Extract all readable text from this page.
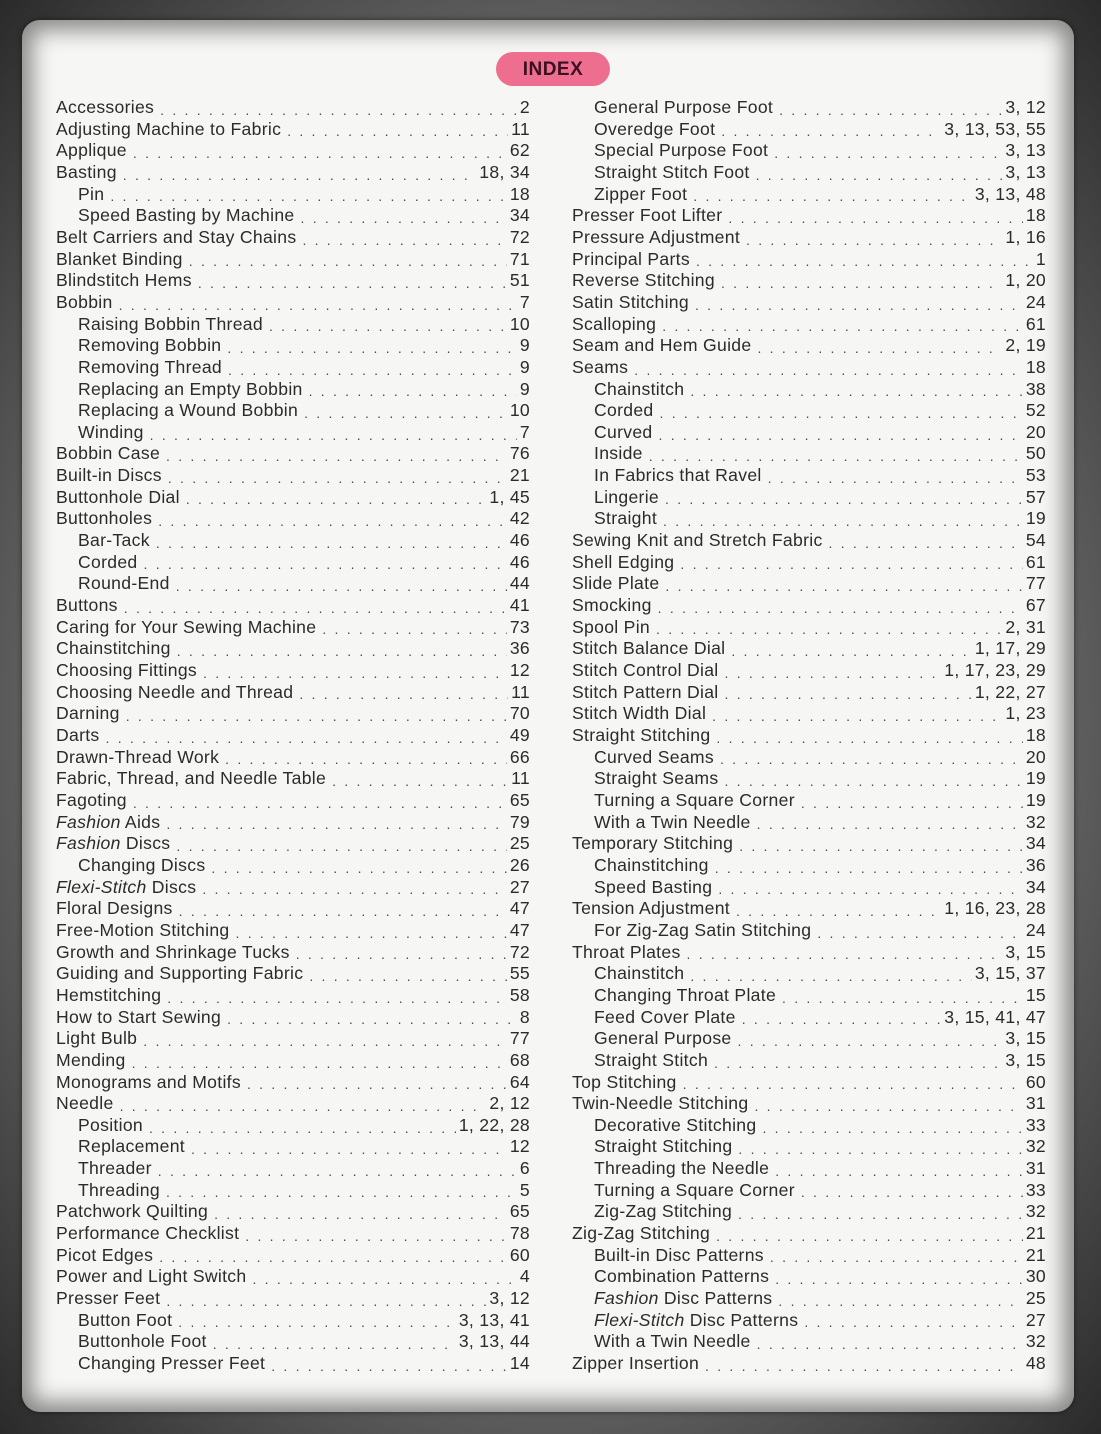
INDEX
Accessories . . .	2
Adjusting Machine to Fabric . . .	11
Applique . . .	62
Basting . . .	18, 34
Pin . . .	18
Speed Basting by Machine . . .	34
Belt Carriers and Stay Chains . . .	72
Blanket Binding . . .	71
Blindstitch Hems . . .	51
Bobbin . . .	7
Raising Bobbin Thread . . .	10
Removing Bobbin . . .	9
Removing Thread . . .	9
Replacing an Empty Bobbin . . .	9
Replacing a Wound Bobbin . . .	10
Winding . . .	7
Bobbin Case . . .	76
Built-in Discs . . .	21
Buttonhole Dial . . .	1, 45
Buttonholes . . .	42
Bar-Tack . . .	46
Corded . . .	46
Round-End . . .	44
Buttons . . .	41
Caring for Your Sewing Machine . . .	73
Chainstitching . . .	36
Choosing Fittings . . .	12
Choosing Needle and Thread . . .	11
Darning . . .	70
Darts . . .	49
Drawn-Thread Work . . .	66
Fabric, Thread, and Needle Table . . .	11
Fagoting . . .	65
Fashion Aids . . .	79
Fashion Discs . . .	25
Changing Discs . . .	26
Flexi-Stitch Discs . . .	27
Floral Designs . . .	47
Free-Motion Stitching . . .	47
Growth and Shrinkage Tucks . . .	72
Guiding and Supporting Fabric . . .	55
Hemstitching . . .	58
How to Start Sewing . . .	8
Light Bulb . . .	77
Mending . . .	68
Monograms and Motifs . . .	64
Needle . . .	2, 12
Position . . .	1, 22, 28
Replacement . . .	12
Threader . . .	6
Threading . . .	5
Patchwork Quilting . . .	65
Performance Checklist . . .	78
Picot Edges . . .	60
Power and Light Switch . . .	4
Presser Feet . . .	3, 12
Button Foot . . .	3, 13, 41
Buttonhole Foot . . .	3, 13, 44
Changing Presser Feet . . .	14
General Purpose Foot . . .	3, 12
Overedge Foot . . .	3, 13, 53, 55
Special Purpose Foot . . .	3, 13
Straight Stitch Foot . . .	3, 13
Zipper Foot . . .	3, 13, 48
Presser Foot Lifter . . .	18
Pressure Adjustment . . .	1, 16
Principal Parts . . .	1
Reverse Stitching . . .	1, 20
Satin Stitching . . .	24
Scalloping . . .	61
Seam and Hem Guide . . .	2, 19
Seams . . .	18
Chainstitch . . .	38
Corded . . .	52
Curved . . .	20
Inside . . .	50
In Fabrics that Ravel . . .	53
Lingerie . . .	57
Straight . . .	19
Sewing Knit and Stretch Fabric . . .	54
Shell Edging . . .	61
Slide Plate . . .	77
Smocking . . .	67
Spool Pin . . .	2, 31
Stitch Balance Dial . . .	1, 17, 29
Stitch Control Dial . . .	1, 17, 23, 29
Stitch Pattern Dial . . .	1, 22, 27
Stitch Width Dial . . .	1, 23
Straight Stitching . . .	18
Curved Seams . . .	20
Straight Seams . . .	19
Turning a Square Corner . . .	19
With a Twin Needle . . .	32
Temporary Stitching . . .	34
Chainstitching . . .	36
Speed Basting . . .	34
Tension Adjustment . . .	1, 16, 23, 28
For Zig-Zag Satin Stitching . . .	24
Throat Plates . . .	3, 15
Chainstitch . . .	3, 15, 37
Changing Throat Plate . . .	15
Feed Cover Plate . . .	3, 15, 41, 47
General Purpose . . .	3, 15
Straight Stitch . . .	3, 15
Top Stitching . . .	60
Twin-Needle Stitching . . .	31
Decorative Stitching . . .	33
Straight Stitching . . .	32
Threading the Needle . . .	31
Turning a Square Corner . . .	33
Zig-Zag Stitching . . .	32
Zig-Zag Stitching . . .	21
Built-in Disc Patterns . . .	21
Combination Patterns . . .	30
Fashion Disc Patterns . . .	25
Flexi-Stitch Disc Patterns . . .	27
With a Twin Needle . . .	32
Zipper Insertion . . .	48
